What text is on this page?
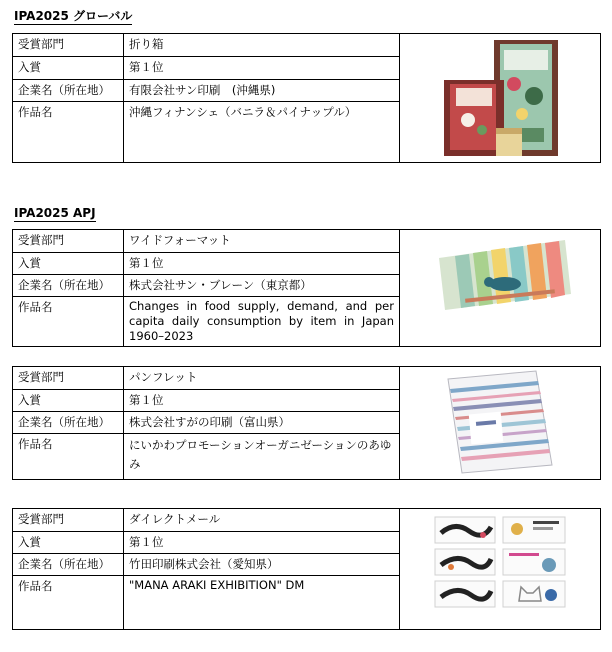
IPA2025 グローバル
受賞部門	折り箱	

入賞	第１位	
企業名（所在地）	有限会社サン印刷　(沖縄県)	
作品名	沖縄フィナンシェ（バニラ＆パイナップル）	
IPA2025 APJ
受賞部門	ワイドフォーマット	

入賞	第１位	
企業名（所在地）	株式会社サン・ブレーン（東京都）	
作品名	Changes in food supply, demand, and per capita daily consumption by item in Japan 1960–2023	
受賞部門	パンフレット	

入賞	第１位	
企業名（所在地）	株式会社すがの印刷（富山県）	
作品名	にいかわプロモーションオーガニゼーションのあゆみ	
受賞部門	ダイレクトメール	

入賞	第１位	
企業名（所在地）	竹田印刷株式会社（愛知県）	
作品名	"MANA ARAKI EXHIBITION" DM	
